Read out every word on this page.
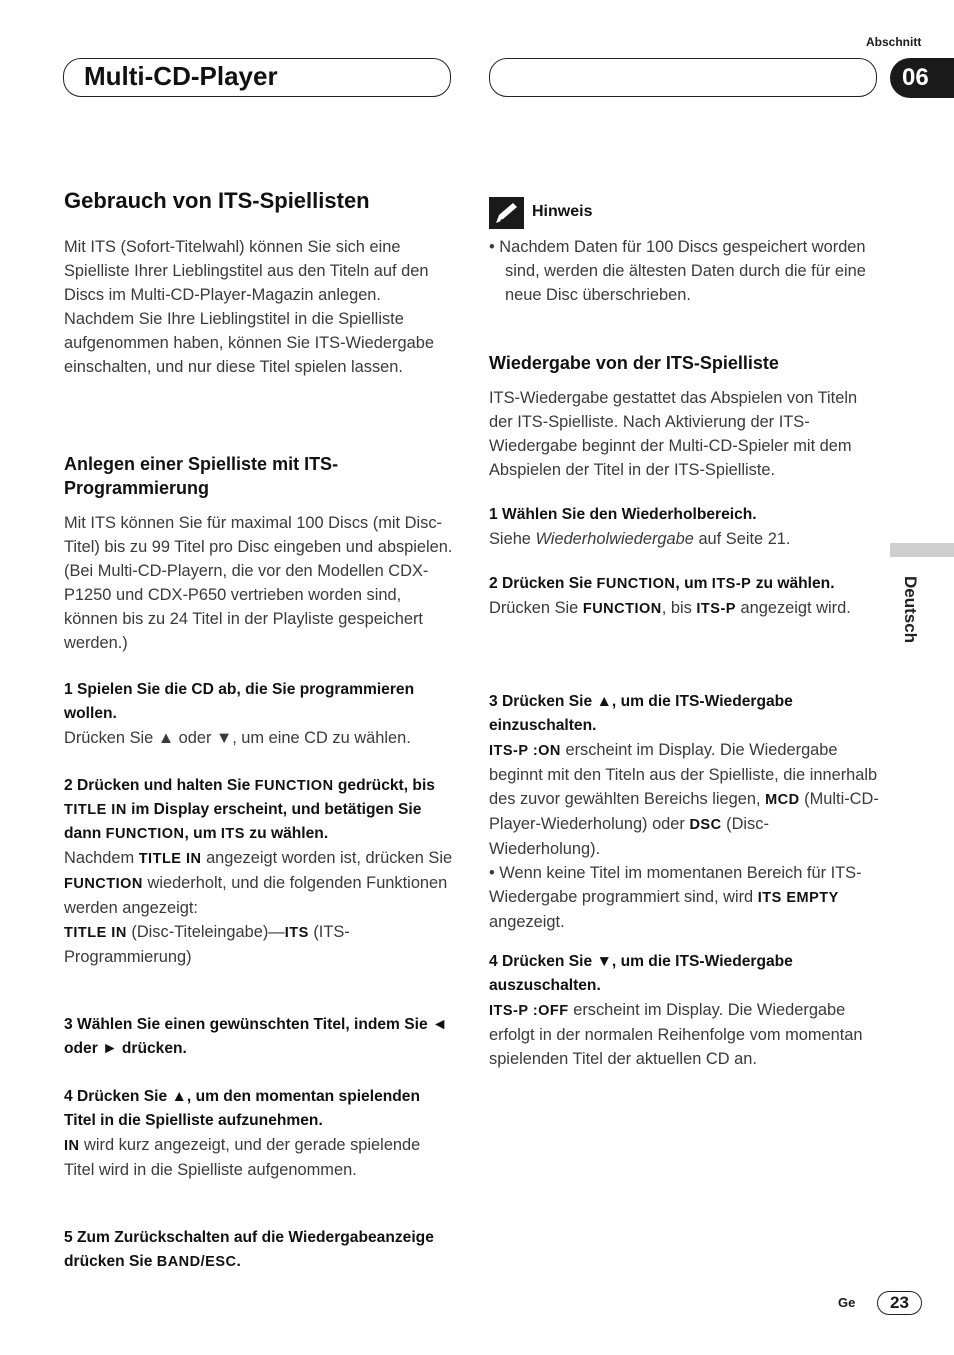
Multi-CD-Player
Abschnitt
06
Deutsch

Gebrauch von ITS-Spiellisten

Mit ITS (Sofort-Titelwahl) können Sie sich eine Spielliste Ihrer Lieblingstitel aus den Titeln auf den Discs im Multi-CD-Player-Magazin anlegen. Nachdem Sie Ihre Lieblingstitel in die Spielliste aufgenommen haben, können Sie ITS-Wiedergabe einschalten, und nur diese Titel spielen lassen.

Anlegen einer Spielliste mit ITS-Programmierung

Mit ITS können Sie für maximal 100 Discs (mit Disc-Titel) bis zu 99 Titel pro Disc eingeben und abspielen. (Bei Multi-CD-Playern, die vor den Modellen CDX-P1250 und CDX-P650 vertrieben worden sind, können bis zu 24 Titel in der Playliste gespeichert werden.)

1 Spielen Sie die CD ab, die Sie programmieren wollen.

Drücken Sie ▲ oder ▼, um eine CD zu wählen.

2 Drücken und halten Sie FUNCTION gedrückt, bis TITLE IN im Display erscheint, und betätigen Sie dann FUNCTION, um ITS zu wählen.

Nachdem TITLE IN angezeigt worden ist, drücken Sie FUNCTION wiederholt, und die folgenden Funktionen werden angezeigt:
TITLE IN (Disc-Titeleingabe)—ITS (ITS-Programmierung)

3 Wählen Sie einen gewünschten Titel, indem Sie ◄ oder ► drücken.

4 Drücken Sie ▲, um den momentan spielenden Titel in die Spielliste aufzunehmen.

IN wird kurz angezeigt, und der gerade spielende Titel wird in die Spielliste aufgenommen.

5 Zum Zurückschalten auf die Wiedergabeanzeige drücken Sie BAND/ESC.

Hinweis

• Nachdem Daten für 100 Discs gespeichert worden sind, werden die ältesten Daten durch die für eine neue Disc überschrieben.

Wiedergabe von der ITS-Spielliste

ITS-Wiedergabe gestattet das Abspielen von Titeln der ITS-Spielliste. Nach Aktivierung der ITS-Wiedergabe beginnt der Multi-CD-Spieler mit dem Abspielen der Titel in der ITS-Spielliste.

1 Wählen Sie den Wiederholbereich.

Siehe Wiederholwiedergabe auf Seite 21.

2 Drücken Sie FUNCTION, um ITS-P zu wählen.

Drücken Sie FUNCTION, bis ITS-P angezeigt wird.

3 Drücken Sie ▲, um die ITS-Wiedergabe einzuschalten.

ITS-P :ON erscheint im Display. Die Wiedergabe beginnt mit den Titeln aus der Spielliste, die innerhalb des zuvor gewählten Bereichs liegen, MCD (Multi-CD-Player-Wiederholung) oder DSC (Disc-Wiederholung).
• Wenn keine Titel im momentanen Bereich für ITS-Wiedergabe programmiert sind, wird ITS EMPTY angezeigt.

4 Drücken Sie ▼, um die ITS-Wiedergabe auszuschalten.

ITS-P :OFF erscheint im Display. Die Wiedergabe erfolgt in der normalen Reihenfolge vom momentan spielenden Titel der aktuellen CD an.

Ge	23
